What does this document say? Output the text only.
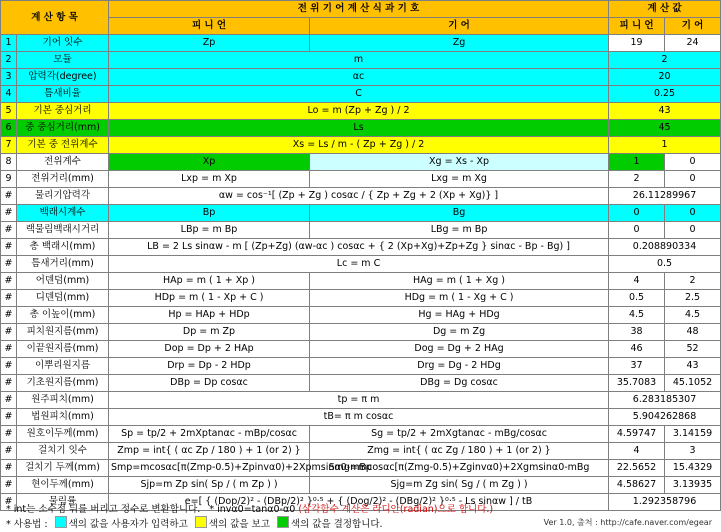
계 산 항 목		전 위 기 어 계 산 식 과 기 호		계 산 값	
		피 니 언	기 어	피 니 언	기 어
1	기어 잇수	Zp	Zg	19	24
2	모듈	m		2	
3	압력각(degree)	αc		20	
4	틈새비율	C		0.25	
5	기본 중심거리	Lo = m (Zp + Zg ) / 2		43	
6	중 중심거리(mm)	Ls		45	
7	기본 중 전위계수	Xs = Ls / m - ( Zp + Zg ) / 2		1	
8	전위계수	Xp	Xg = Xs - Xp	1	0
9	전위거리(mm)	Lxp = m Xp	Lxg = m Xg	2	0
#	물리기압력각	αw = cos⁻¹[ (Zp + Zg ) cosαc / { Zp + Zg + 2 (Xp + Xg)} ]		26.11289967	
#	백래시계수	Bp	Bg	0	0
#	랙물림백래시거리	LBp = m Bp	LBg = m Bp	0	0
#	총 백래시(mm)	LB = 2 Ls sinαw - m [ (Zp+Zg) (αw-αc ) cosαc + { 2 (Xp+Xg)+Zp+Zg } sinαc - Bp - Bg) ]		0.208890334	
#	틈새거리(mm)	Lc = m C		0.5	
#	어덴덤(mm)	HAp = m ( 1 + Xp )	HAg = m ( 1 + Xg )	4	2
#	디덴덤(mm)	HDp = m ( 1 - Xp + C )	HDg = m ( 1 - Xg + C )	0.5	2.5
#	총 이높이(mm)	Hp = HAp + HDp	Hg = HAg + HDg	4.5	4.5
#	피치원지름(mm)	Dp = m Zp	Dg = m Zg	38	48
#	이끝원지름(mm)	Dop = Dp + 2 HAp	Dog = Dg + 2 HAg	46	52
#	이뿌리원지름	Drp = Dp - 2 HDp	Drg = Dg - 2 HDg	37	43
#	기초원지름(mm)	DBp = Dp cosαc	DBg = Dg cosαc	35.7083	45.1052
#	원주피치(mm)	tp = π m		6.283185307	
#	법원피치(mm)	tB= π m cosαc		5.904262868	
#	원호이두께(mm)	Sp = tp/2 + 2mXptanαc - mBp/cosαc	Sg = tp/2 + 2mXgtanαc - mBg/cosαc	4.59747	3.14159
#	걸치기 잇수	Zmp = int{ ( αc Zp / 180 ) + 1 (or 2) }	Zmg = int{ ( αc Zg / 180 ) + 1 (or 2) }	4	3
#	걸치기 두께(mm)	Smp=mcosαc[π(Zmp-0.5)+Zpinvα0)+2Xpmsinα0-mBp	Smg=mcosαc[π(Zmg-0.5)+Zginvα0)+2Xgmsinα0-mBg	22.5652	15.4329
#	현이두께(mm)	Sjp=m Zp sin( Sp / ( m Zp ) )	Sjg=m Zg sin( Sg / ( m Zg ) )	4.58627	3.13935
#	물림률	e=[ { (Dop/2)² - (DBp/2)² }⁰·⁵ + { (Dog/2)² - (DBg/2)² }⁰·⁵ - Ls sinαw ] / tB		1.292358796	
* int는 소수점 뒤를 버리고 정수로 변환합니다. * invα0=tanα0-α0 (삼각함수 계산은 라디안(radian)으로 합니다.)
* 사용법 : 색의 값을 사용자가 입력하고 색의 값을 보고 색의 값을 결정합니다.	Ver 1.0, 출처 : http://cafe.naver.com/egear
